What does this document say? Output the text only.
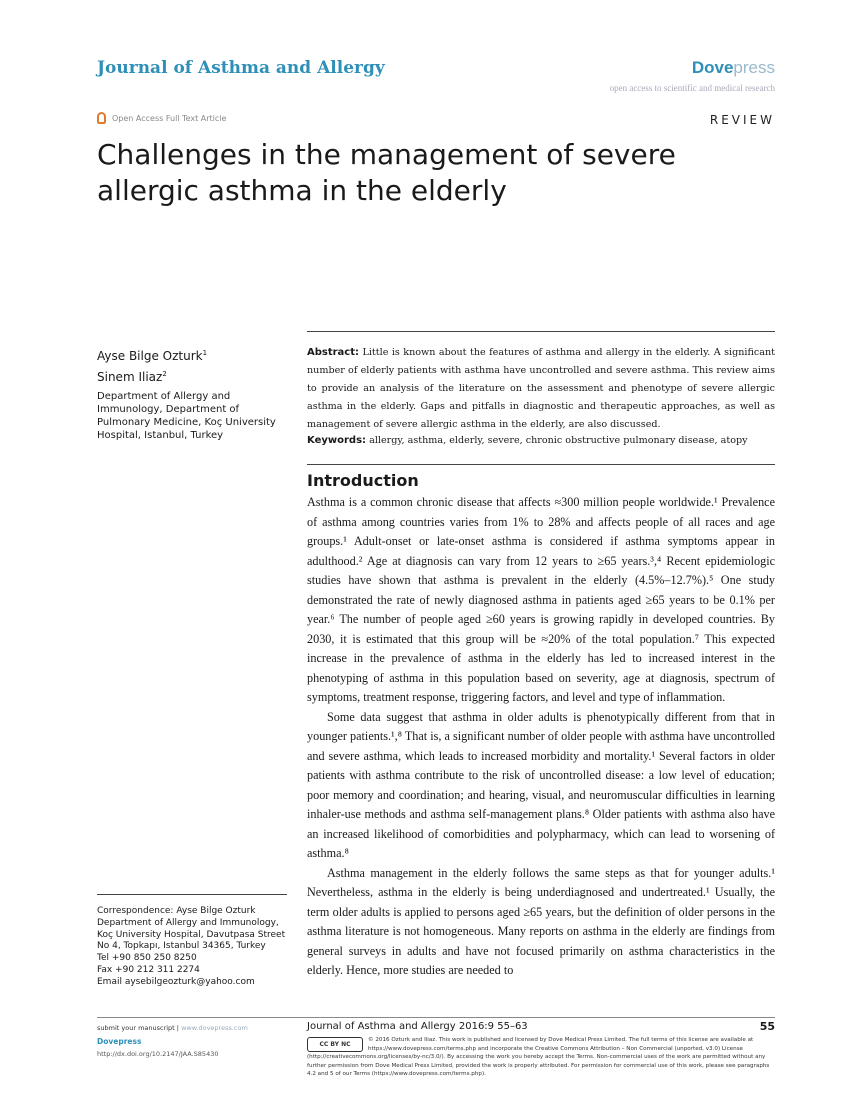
Journal of Asthma and Allergy	Dovepress
open access to scientific and medical research
Open Access Full Text Article	REVIEW
Challenges in the management of severe allergic asthma in the elderly
Ayse Bilge Ozturk$^1$
Sinem Iliaz$^2$
Department of Allergy and Immunology, Department of Pulmonary Medicine, Koç University Hospital, Istanbul, Turkey
Abstract: Little is known about the features of asthma and allergy in the elderly. A significant number of elderly patients with asthma have uncontrolled and severe asthma. This review aims to provide an analysis of the literature on the assessment and phenotype of severe allergic asthma in the elderly. Gaps and pitfalls in diagnostic and therapeutic approaches, as well as management of severe allergic asthma in the elderly, are also discussed.
Keywords: allergy, asthma, elderly, severe, chronic obstructive pulmonary disease, atopy
Introduction

Asthma is a common chronic disease that affects ≈300 million people worldwide.¹ Prevalence of asthma among countries varies from 1% to 28% and affects people of all races and age groups.¹ Adult-onset or late-onset asthma is considered if asthma symptoms appear in adulthood.² Age at diagnosis can vary from 12 years to ≥65 years.³,⁴ Recent epidemiologic studies have shown that asthma is prevalent in the elderly (4.5%–12.7%).⁵ One study demonstrated the rate of newly diagnosed asthma in patients aged ≥65 years to be 0.1% per year.⁶ The number of people aged ≥60 years is growing rapidly in developed countries. By 2030, it is estimated that this group will be ≈20% of the total population.⁷ This expected increase in the prevalence of asthma in the elderly has led to increased interest in the phenotyping of asthma in this population based on severity, age at diagnosis, spectrum of symptoms, treatment response, triggering factors, and level and type of inflammation.

Some data suggest that asthma in older adults is phenotypically different from that in younger patients.¹,⁸ That is, a significant number of older people with asthma have uncontrolled and severe asthma, which leads to increased morbidity and mortality.¹ Several factors in older patients with asthma contribute to the risk of uncontrolled disease: a low level of education; poor memory and coordination; and hearing, visual, and neuromuscular difficulties in learning inhaler-use methods and asthma self-management plans.⁸ Older patients with asthma also have an increased likelihood of comorbidities and polypharmacy, which can lead to worsening of asthma.⁸

Asthma management in the elderly follows the same steps as that for younger adults.¹ Nevertheless, asthma in the elderly is being underdiagnosed and undertreated.¹ Usually, the term older adults is applied to persons aged ≥65 years, but the definition of older persons in the asthma literature is not homogeneous. Many reports on asthma in the elderly are findings from general surveys in adults and have not focused primarily on asthma characteristics in the elderly. Hence, more studies are needed to

Correspondence: Ayse Bilge Ozturk
Department of Allergy and Immunology,
Koç University Hospital, Davutpasa Street
No 4, Topkapı, Istanbul 34365, Turkey
Tel +90 850 250 8250
Fax +90 212 311 2274
Email aysebilgeozturk@yahoo.com
submit your manuscript | www.dovepress.com
Dovepress
http://dx.doi.org/10.2147/JAA.S85430
Journal of Asthma and Allergy 2016:9 55–63	55
CC BY NC
© 2016 Ozturk and Iliaz. This work is published and licensed by Dove Medical Press Limited. The full terms of this license are available at https://www.dovepress.com/terms.php and incorporate the Creative Commons Attribution – Non Commercial (unported, v3.0) License (http://creativecommons.org/licenses/by-nc/3.0/). By accessing the work you hereby accept the Terms. Non-commercial uses of the work are permitted without any further permission from Dove Medical Press Limited, provided the work is properly attributed. For permission for commercial use of this work, please see paragraphs 4.2 and 5 of our Terms (https://www.dovepress.com/terms.php).
